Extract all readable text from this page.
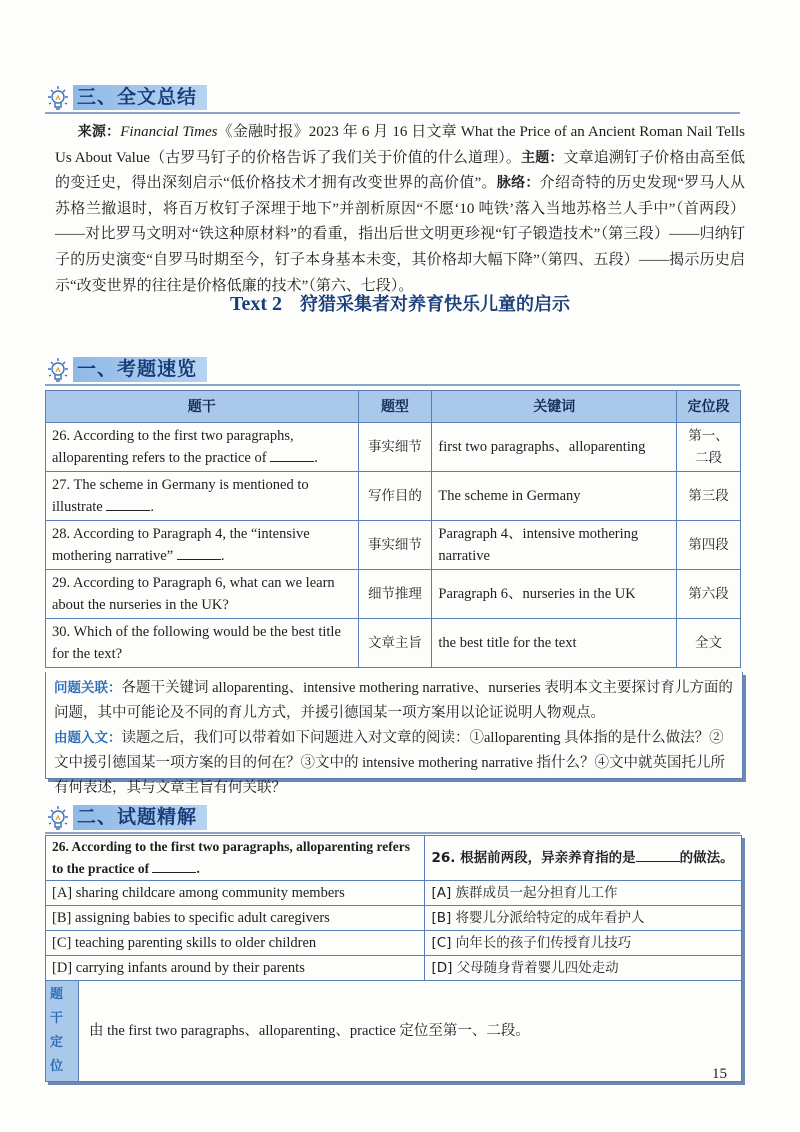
三、全文总结
  来源：Financial Times《金融时报》2023 年 6 月 16 日文章 What the Price of an Ancient Roman Nail Tells Us About Value（古罗马钉子的价格告诉了我们关于价值的什么道理）。主题：文章追溯钉子价格由高至低的变迁史，得出深刻启示“低价格技术才拥有改变世界的高价值”。脉络：介绍奇特的历史发现“罗马人从苏格兰撤退时，将百万枚钉子深埋于地下”并剖析原因“不愿‘10 吨铁’落入当地苏格兰人手中”（首两段）——对比罗马文明对“铁这种原材料”的看重，指出后世文明更珍视“钉子锻造技术”（第三段）——归纳钉子的历史演变“自罗马时期至今，钉子本身基本未变，其价格却大幅下降”（第四、五段）——揭示历史启示“改变世界的往往是价格低廉的技术”（第六、七段）。
Text 2 狩猎采集者对养育快乐儿童的启示
一、考题速览
题干	题型	关键词	定位段
26. According to the first two paragraphs, alloparenting refers to the practice of .	事实细节	first two paragraphs、alloparenting	第一、二段
27. The scheme in Germany is mentioned to illustrate .	写作目的	The scheme in Germany	第三段
28. According to Paragraph 4, the “intensive mothering narrative” .	事实细节	Paragraph 4、intensive mothering narrative	第四段
29. According to Paragraph 6, what can we learn about the nurseries in the UK?	细节推理	Paragraph 6、nurseries in the UK	第六段
30. Which of the following would be the best title for the text?	文章主旨	the best title for the text	全文
问题关联：各题干关键词 alloparenting、intensive mothering narrative、nurseries 表明本文主要探讨育儿方面的问题，其中可能论及不同的育儿方式，并援引德国某一项方案用以论证说明人物观点。
由题入文：读题之后，我们可以带着如下问题进入对文章的阅读：①alloparenting 具体指的是什么做法？②文中援引德国某一项方案的目的何在？③文中的 intensive mothering narrative 指什么？④文中就英国托儿所有何表述，其与文章主旨有何关联？
二、试题精解
26. According to the first two paragraphs, alloparenting refers to the practice of .		26. 根据前两段，异亲养育指的是 的做法。
[A] sharing childcare among community members		[A] 族群成员一起分担育儿工作
[B] assigning babies to specific adult caregivers		[B] 将婴儿分派给特定的成年看护人
[C] teaching parenting skills to older children		[C] 向年长的孩子们传授育儿技巧
[D] carrying infants around by their parents		[D] 父母随身背着婴儿四处走动
题干定位	由 the first two paragraphs、alloparenting、practice 定位至第一、二段。	
15
